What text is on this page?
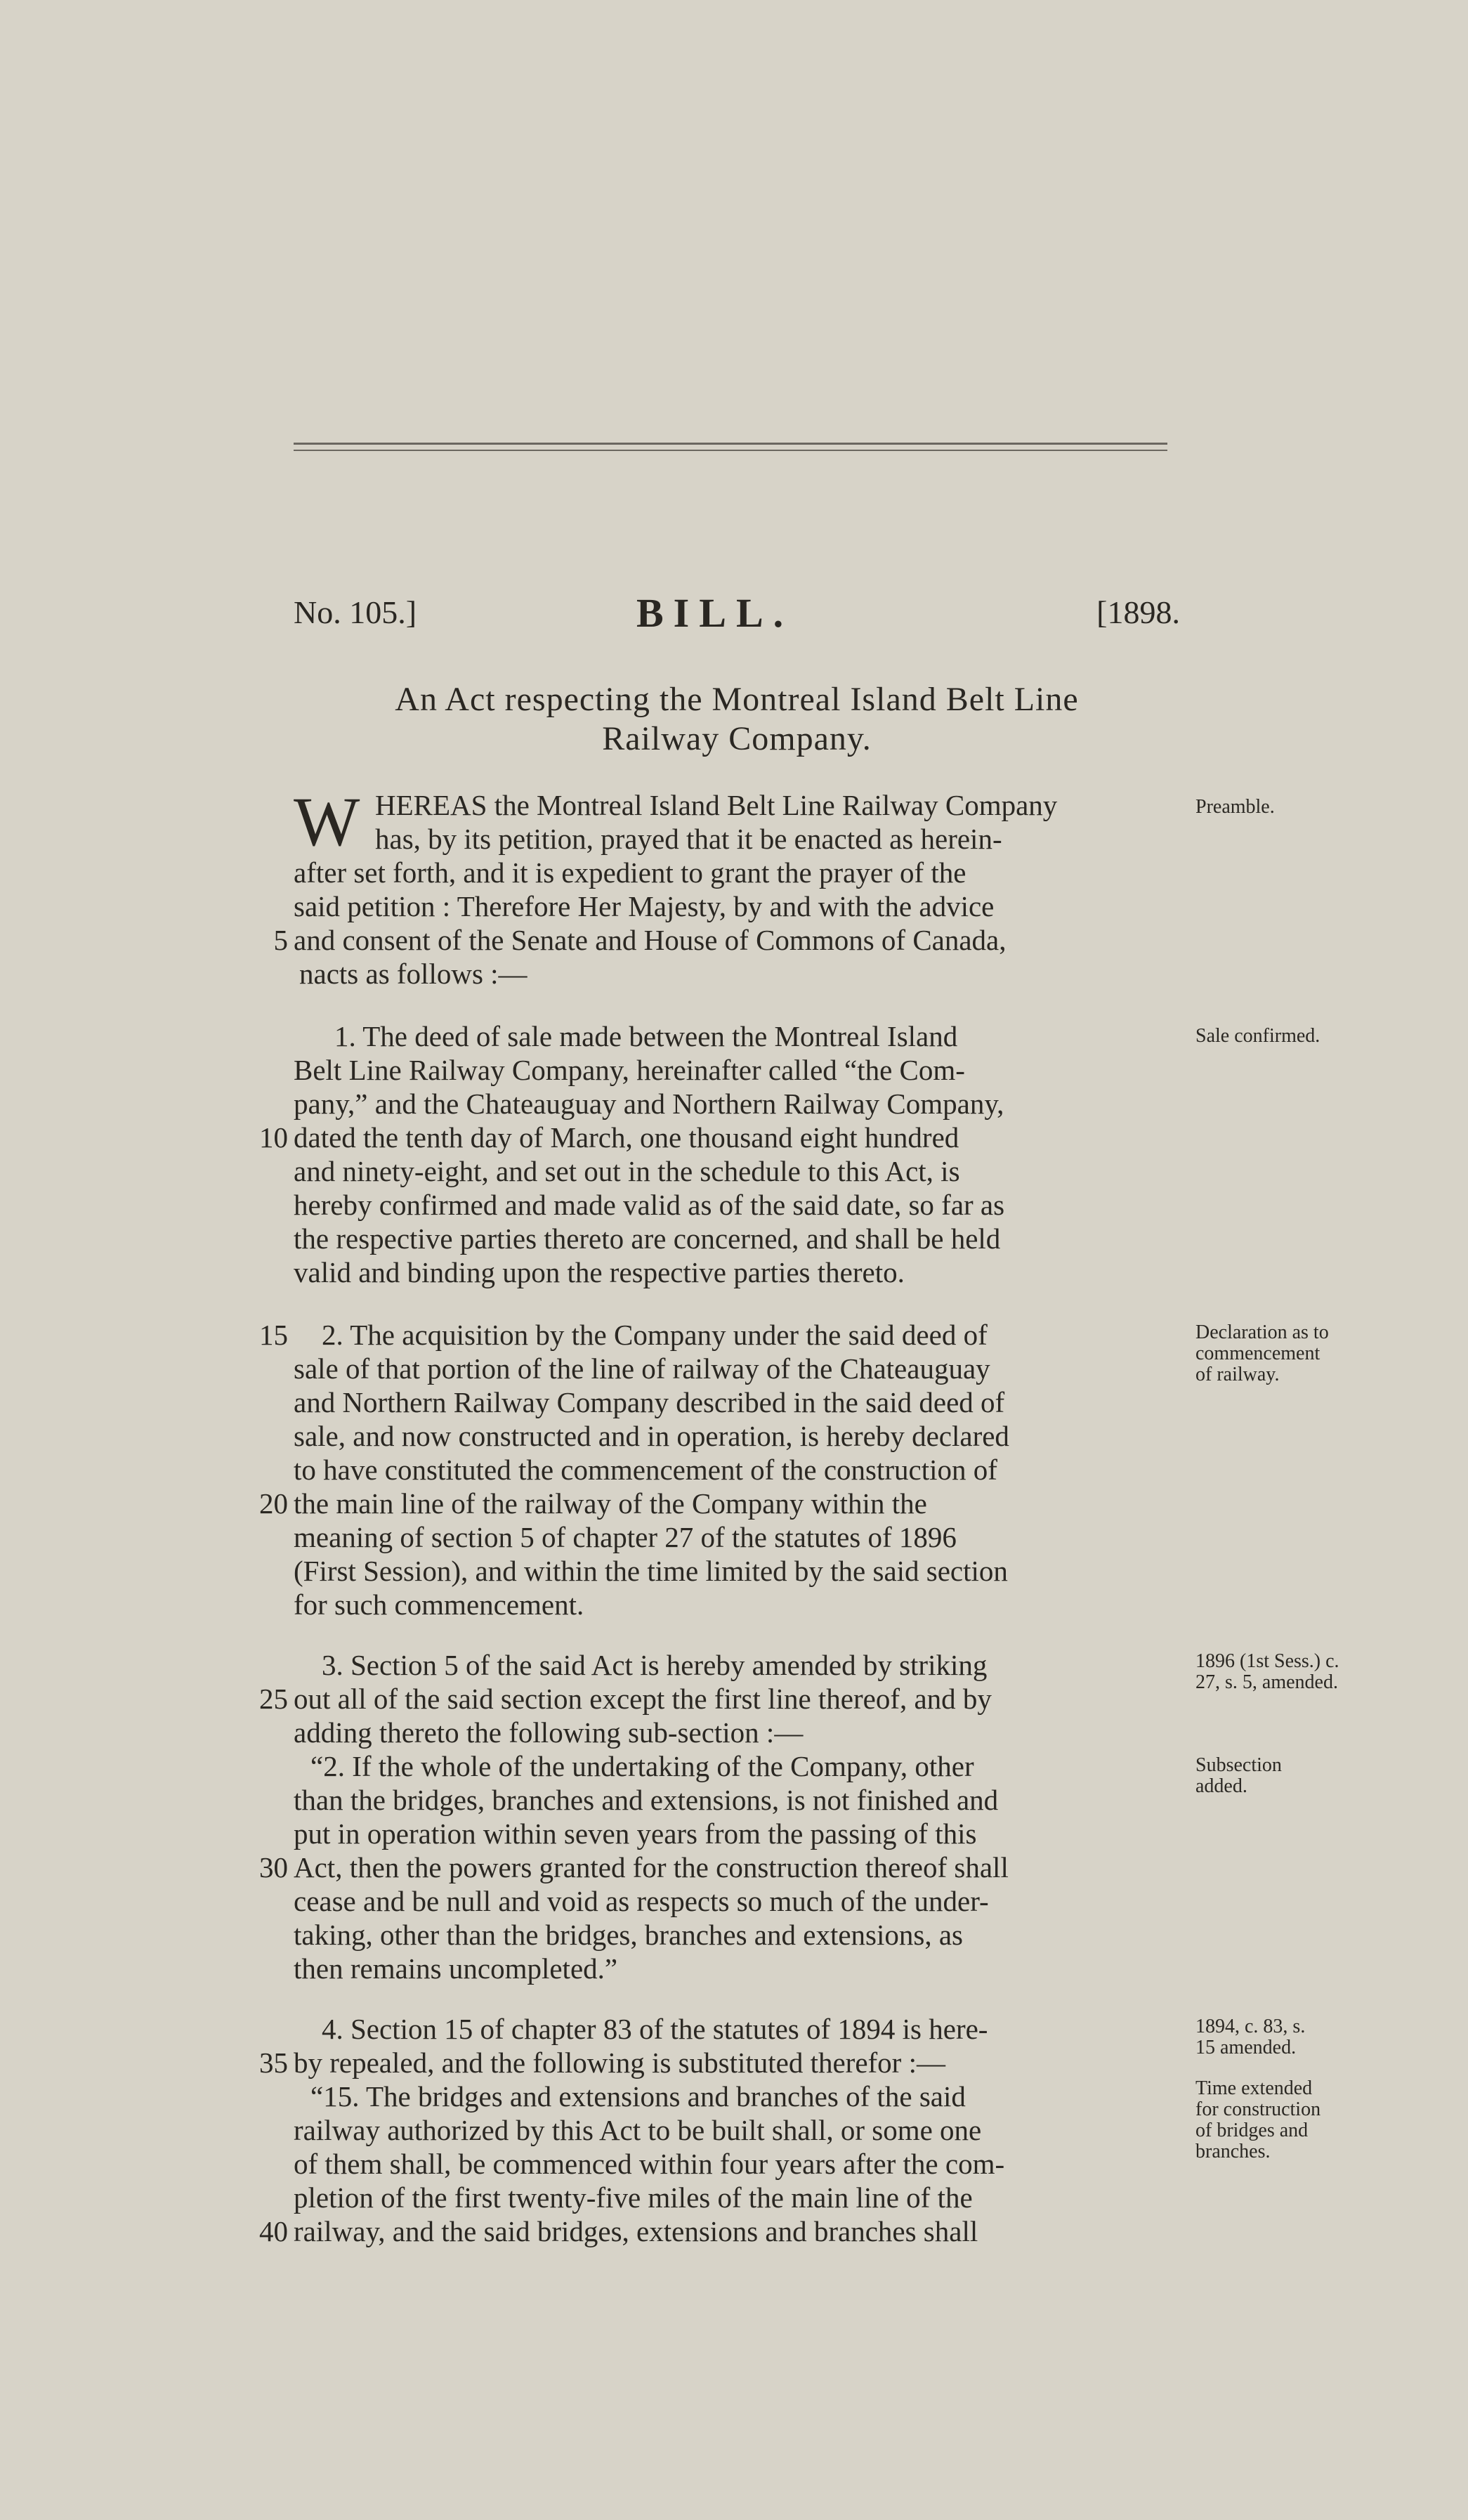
No. 105.]	BILL.	[1898.
An Act respecting the Montreal Island Belt Line
Railway Company.
W HEREAS the Montreal Island Belt Line Railway Company
has, by its petition, prayed that it be enacted as herein-
after set forth, and it is expedient to grant the prayer of the
said petition : Therefore Her Majesty, by and with the advice
and consent of the Senate and House of Commons of Canada,
nacts as follows :—
Preamble.
5
1. The deed of sale made between the Montreal Island
Belt Line Railway Company, hereinafter called “the Com-
pany,” and the Chateauguay and Northern Railway Company,
dated the tenth day of March, one thousand eight hundred
and ninety-eight, and set out in the schedule to this Act, is
hereby confirmed and made valid as of the said date, so far as
the respective parties thereto are concerned, and shall be held
valid and binding upon the respective parties thereto.
Sale confirmed.
10
2. The acquisition by the Company under the said deed of
sale of that portion of the line of railway of the Chateauguay
and Northern Railway Company described in the said deed of
sale, and now constructed and in operation, is hereby declared
to have constituted the commencement of the construction of
the main line of the railway of the Company within the
meaning of section 5 of chapter 27 of the statutes of 1896
(First Session), and within the time limited by the said section
for such commencement.
Declaration as to commencement of railway.
15
20
3. Section 5 of the said Act is hereby amended by striking
out all of the said section except the first line thereof, and by
adding thereto the following sub-section :—
“2. If the whole of the undertaking of the Company, other
than the bridges, branches and extensions, is not finished and
put in operation within seven years from the passing of this
Act, then the powers granted for the construction thereof shall
cease and be null and void as respects so much of the under-
taking, other than the bridges, branches and extensions, as
then remains uncompleted.”
1896 (1st Sess.) c. 27, s. 5, amended.
Subsection added.
25
30
4. Section 15 of chapter 83 of the statutes of 1894 is here-
by repealed, and the following is substituted therefor :—
“15. The bridges and extensions and branches of the said
railway authorized by this Act to be built shall, or some one
of them shall, be commenced within four years after the com-
pletion of the first twenty-five miles of the main line of the
railway, and the said bridges, extensions and branches shall
1894, c. 83, s. 15 amended.
Time extended for construction of bridges and branches.
35
40
